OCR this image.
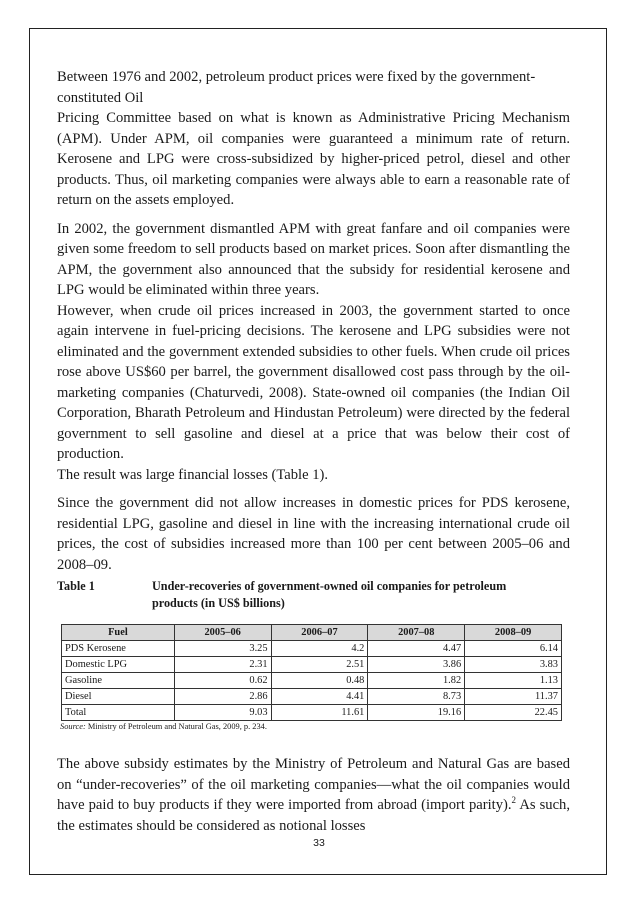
Between 1976 and 2002, petroleum product prices were fixed by the government-

constituted Oil

Pricing Committee based on what is known as Administrative Pricing Mechanism (APM). Under APM, oil companies were guaranteed a minimum rate of return. Kerosene and LPG were cross-subsidized by higher-priced petrol, diesel and other products. Thus, oil marketing companies were always able to earn a reasonable rate of return on the assets employed.

In 2002, the government dismantled APM with great fanfare and oil companies were given some freedom to sell products based on market prices. Soon after dismantling the APM, the government also announced that the subsidy for residential kerosene and LPG would be eliminated within three years.

However, when crude oil prices increased in 2003, the government started to once again intervene in fuel-pricing decisions. The kerosene and LPG subsidies were not eliminated and the government extended subsidies to other fuels. When crude oil prices rose above US$60 per barrel, the government disallowed cost pass through by the oil-marketing companies (Chaturvedi, 2008). State-owned oil companies (the Indian Oil Corporation, Bharath Petroleum and Hindustan Petroleum) were directed by the federal government to sell gasoline and diesel at a price that was below their cost of production.

The result was large financial losses (Table 1).

Since the government did not allow increases in domestic prices for PDS kerosene, residential LPG, gasoline and diesel in line with the increasing international crude oil prices, the cost of subsidies increased more than 100 per cent between 2005–06 and 2008–09.

Table 1	Under-recoveries of government-owned oil companies for petroleum
products (in US$ billions)
Fuel	2005–06	2006–07	2007–08	2008–09
PDS Kerosene	3.25	4.2	4.47	6.14
Domestic LPG	2.31	2.51	3.86	3.83
Gasoline	0.62	0.48	1.82	1.13
Diesel	2.86	4.41	8.73	11.37
Total	9.03	11.61	19.16	22.45
Source: Ministry of Petroleum and Natural Gas, 2009, p. 234.

The above subsidy estimates by the Ministry of Petroleum and Natural Gas are based on “under-recoveries” of the oil marketing companies—what the oil companies would have paid to buy products if they were imported from abroad (import parity).$^2$ As such, the estimates should be considered as notional losses

33
